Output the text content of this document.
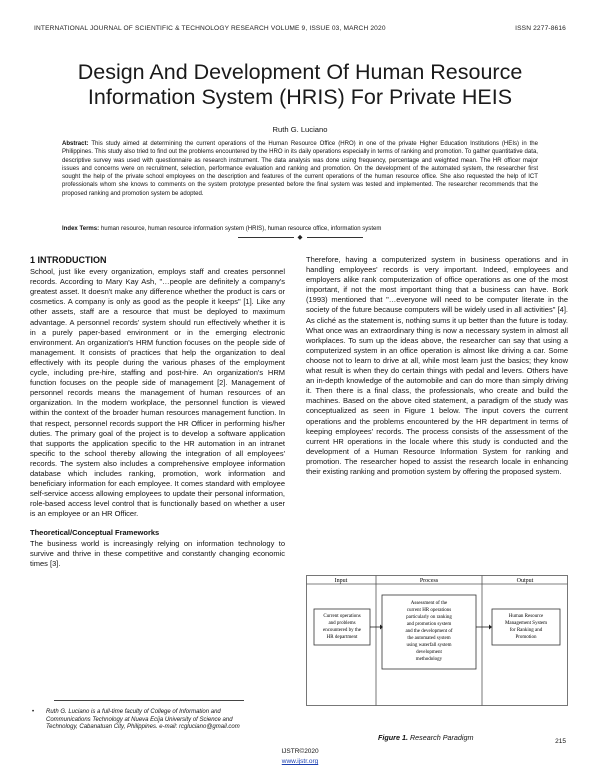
INTERNATIONAL JOURNAL OF SCIENTIFIC & TECHNOLOGY RESEARCH VOLUME 9, ISSUE 03, MARCH 2020	ISSN 2277-8616
Design And Development Of Human Resource
Information System (HRIS) For Private HEIS
Ruth G. Luciano
Abstract: This study aimed at determining the current operations of the Human Resource Office (HRO) in one of the private Higher Education Institutions (HEIs) in the Philippines. This study also tried to find out the problems encountered by the HRO in its daily operations especially in terms of ranking and promotion. To gather quantitative data, descriptive survey was used with questionnaire as research instrument. The data analysis was done using frequency, percentage and weighted mean. The HR officer major issues and concerns were on recruitment, selection, performance evaluation and ranking and promotion. On the development of the automated system, the researcher first sought the help of the private school employees on the description and features of the current operations of the human resource office. She also requested the help of ICT professionals whom she knows to comments on the system prototype presented before the final system was tested and implemented. The researcher recommends that the proposed ranking and promotion system be adopted.
Index Terms: human resource, human resource information system (HRIS), human resource office, information system
◆
1 INTRODUCTION

School, just like every organization, employs staff and creates personnel records. According to Mary Kay Ash, "…people are definitely a company's greatest asset. It doesn't make any difference whether the product is cars or cosmetics. A company is only as good as the people it keeps" [1]. Like any other assets, staff are a resource that must be deployed to maximum advantage. A personnel records' system should run effectively whether it is in a purely paper-based environment or in the emerging electronic environment. An organization's HRM function focuses on the people side of management. It consists of practices that help the organization to deal effectively with its people during the various phases of the employment cycle, including pre-hire, staffing and post-hire. An organization's HRM function focuses on the people side of management [2]. Management of personnel records means the management of human resources of an organization. In the modern workplace, the personnel function is viewed within the context of the broader human resources management function. In that respect, personnel records support the HR Officer in performing his/her duties. The primary goal of the project is to develop a software application that supports the application specific to the HR automation in an intranet specific to the school thereby allowing the integration of all employees' records. The system also includes a comprehensive employee information database which includes ranking, promotion, work information and beneficiary information for each employee. It comes standard with employee self-service access allowing employees to update their personal information, role-based access level control that is functionally based on whether a user is an employee or an HR Officer.

Theoretical/Conceptual Frameworks

The business world is increasingly relying on information technology to survive and thrive in these competitive and constantly changing economic times [3].

Therefore, having a computerized system in business operations and in handling employees' records is very important. Indeed, employees and employers alike rank computerization of office operations as one of the most important, if not the most important thing that a business can have. Bork (1993) mentioned that "…everyone will need to be computer literate in the society of the future because computers will be widely used in all activities" [4]. As cliché as the statement is, nothing sums it up better than the future is today. What once was an extraordinary thing is now a necessary system in almost all workplaces. To sum up the ideas above, the researcher can say that using a computerized system in an office operation is almost like driving a car. Some choose not to learn to drive at all, while most learn just the basics; they know what result is when they do certain things with pedal and levers. Others have an in-depth knowledge of the automobile and can do more than simply driving it. Then there is a final class, the professionals, who create and build the machines. Based on the above cited statement, a paradigm of the study was conceptualized as seen in Figure 1 below. The input covers the current operations and the problems encountered by the HR department in terms of keeping employees' records. The process consists of the assessment of the current HR operations in the locale where this study is conducted and the development of a Human Resource Information System for ranking and promotion. The researcher hoped to assist the research locale in enhancing their existing ranking and promotion system by offering the proposed system.

Input	Process	Output
Current operations
and problems
encountered by the
HR department
Assessment of the
current HR operations
particularly on ranking
and promotion system
and the development of
the automated system
using waterfall system
development
methodology
Human Resource
Management System
for Ranking and
Promotion
•	Ruth G. Luciano is a full-time faculty of College of Information and Communications Technology at Nueva Ecija University of Science and Technology, Cabanatuan City, Philippines. e-mail: rcgluciano@gmail.com
Figure 1. Research Paradigm	215
IJSTR©2020
www.ijstr.org
